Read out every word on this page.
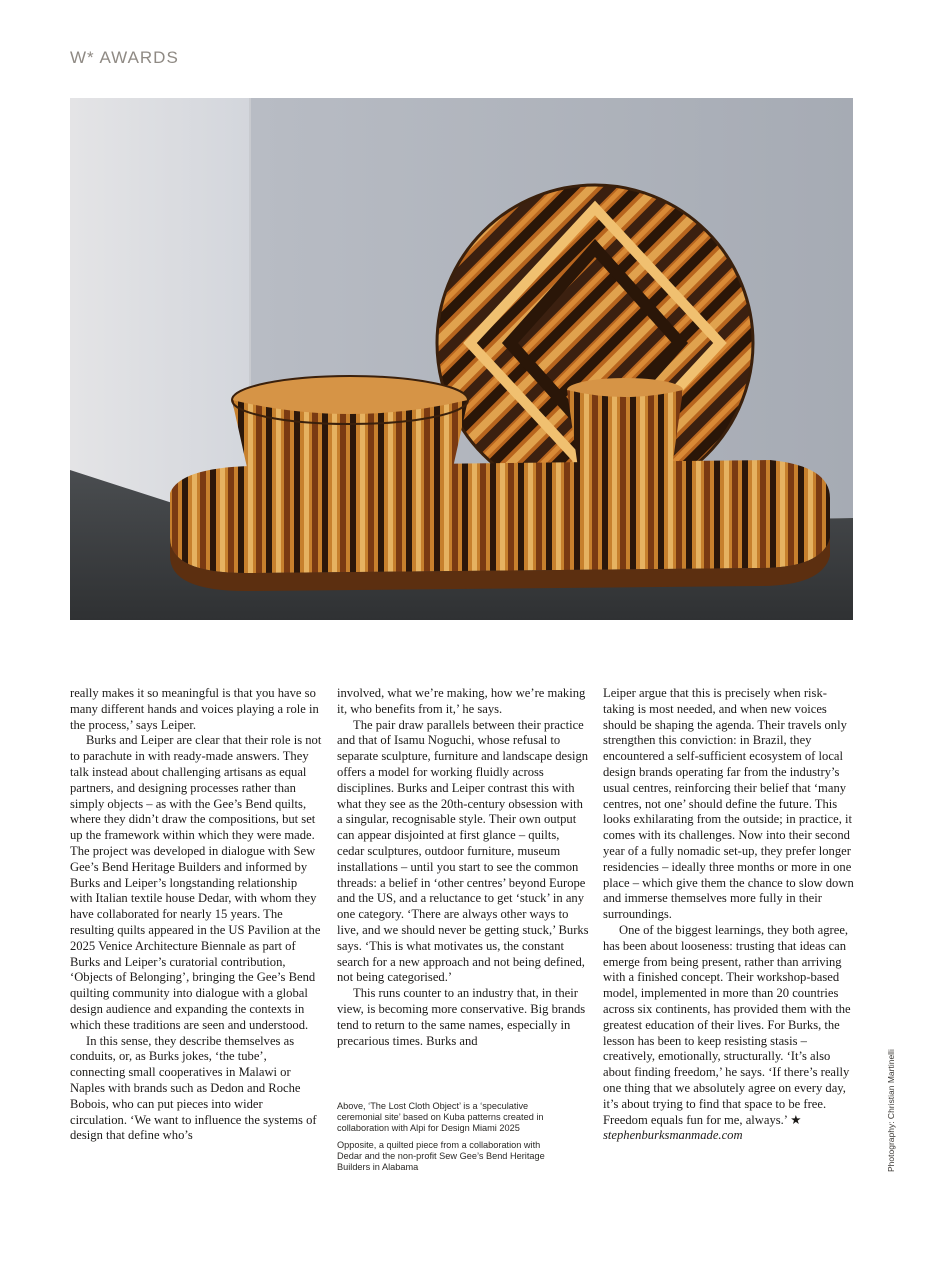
W* AWARDS

really makes it so meaningful is that you have so many different hands and voices playing a role in the process,’ says Leiper.

Burks and Leiper are clear that their role is not to parachute in with ready-made answers. They talk instead about challenging artisans as equal partners, and designing processes rather than simply objects – as with the Gee’s Bend quilts, where they didn’t draw the compositions, but set up the framework within which they were made. The project was developed in dialogue with Sew Gee’s Bend Heritage Builders and informed by Burks and Leiper’s longstanding relationship with Italian textile house Dedar, with whom they have collaborated for nearly 15 years. The resulting quilts appeared in the US Pavilion at the 2025 Venice Architecture Biennale as part of Burks and Leiper’s curatorial contribution, ‘Objects of Belonging’, bringing the Gee’s Bend quilting community into dialogue with a global design audience and expanding the contexts in which these traditions are seen and understood.

In this sense, they describe themselves as conduits, or, as Burks jokes, ‘the tube’, connecting small cooperatives in Malawi or Naples with brands such as Dedon and Roche Bobois, who can put pieces into wider circulation. ‘We want to influence the systems of design that define who’s

involved, what we’re making, how we’re making it, who benefits from it,’ he says.

The pair draw parallels between their practice and that of Isamu Noguchi, whose refusal to separate sculpture, furniture and landscape design offers a model for working fluidly across disciplines. Burks and Leiper contrast this with what they see as the 20th-century obsession with a singular, recognisable style. Their own output can appear disjointed at first glance – quilts, cedar sculptures, outdoor furniture, museum installations – until you start to see the common threads: a belief in ‘other centres’ beyond Europe and the US, and a reluctance to get ‘stuck’ in any one category. ‘There are always other ways to live, and we should never be getting stuck,’ Burks says. ‘This is what motivates us, the constant search for a new approach and not being defined, not being categorised.’

This runs counter to an industry that, in their view, is becoming more conservative. Big brands tend to return to the same names, especially in precarious times. Burks and

Above, ‘The Lost Cloth Object’ is a ‘speculative ceremonial site’ based on Kuba patterns created in collaboration with Alpi for Design Miami 2025

Opposite, a quilted piece from a collaboration with Dedar and the non-profit Sew Gee’s Bend Heritage Builders in Alabama

Leiper argue that this is precisely when risk-taking is most needed, and when new voices should be shaping the agenda. Their travels only strengthen this conviction: in Brazil, they encountered a self-sufficient ecosystem of local design brands operating far from the industry’s usual centres, reinforcing their belief that ‘many centres, not one’ should define the future. This looks exhilarating from the outside; in practice, it comes with its challenges. Now into their second year of a fully nomadic set-up, they prefer longer residencies – ideally three months or more in one place – which give them the chance to slow down and immerse themselves more fully in their surroundings.

One of the biggest learnings, they both agree, has been about looseness: trusting that ideas can emerge from being present, rather than arriving with a finished concept. Their workshop-based model, implemented in more than 20 countries across six continents, has provided them with the greatest education of their lives. For Burks, the lesson has been to keep resisting stasis – creatively, emotionally, structurally. ‘It’s also about finding freedom,’ he says. ‘If there’s really one thing that we absolutely agree on every day, it’s about trying to find that space to be free. Freedom equals fun for me, always.’ ★

stephenburksmanmade.com	Photography: Christian Martinelli
